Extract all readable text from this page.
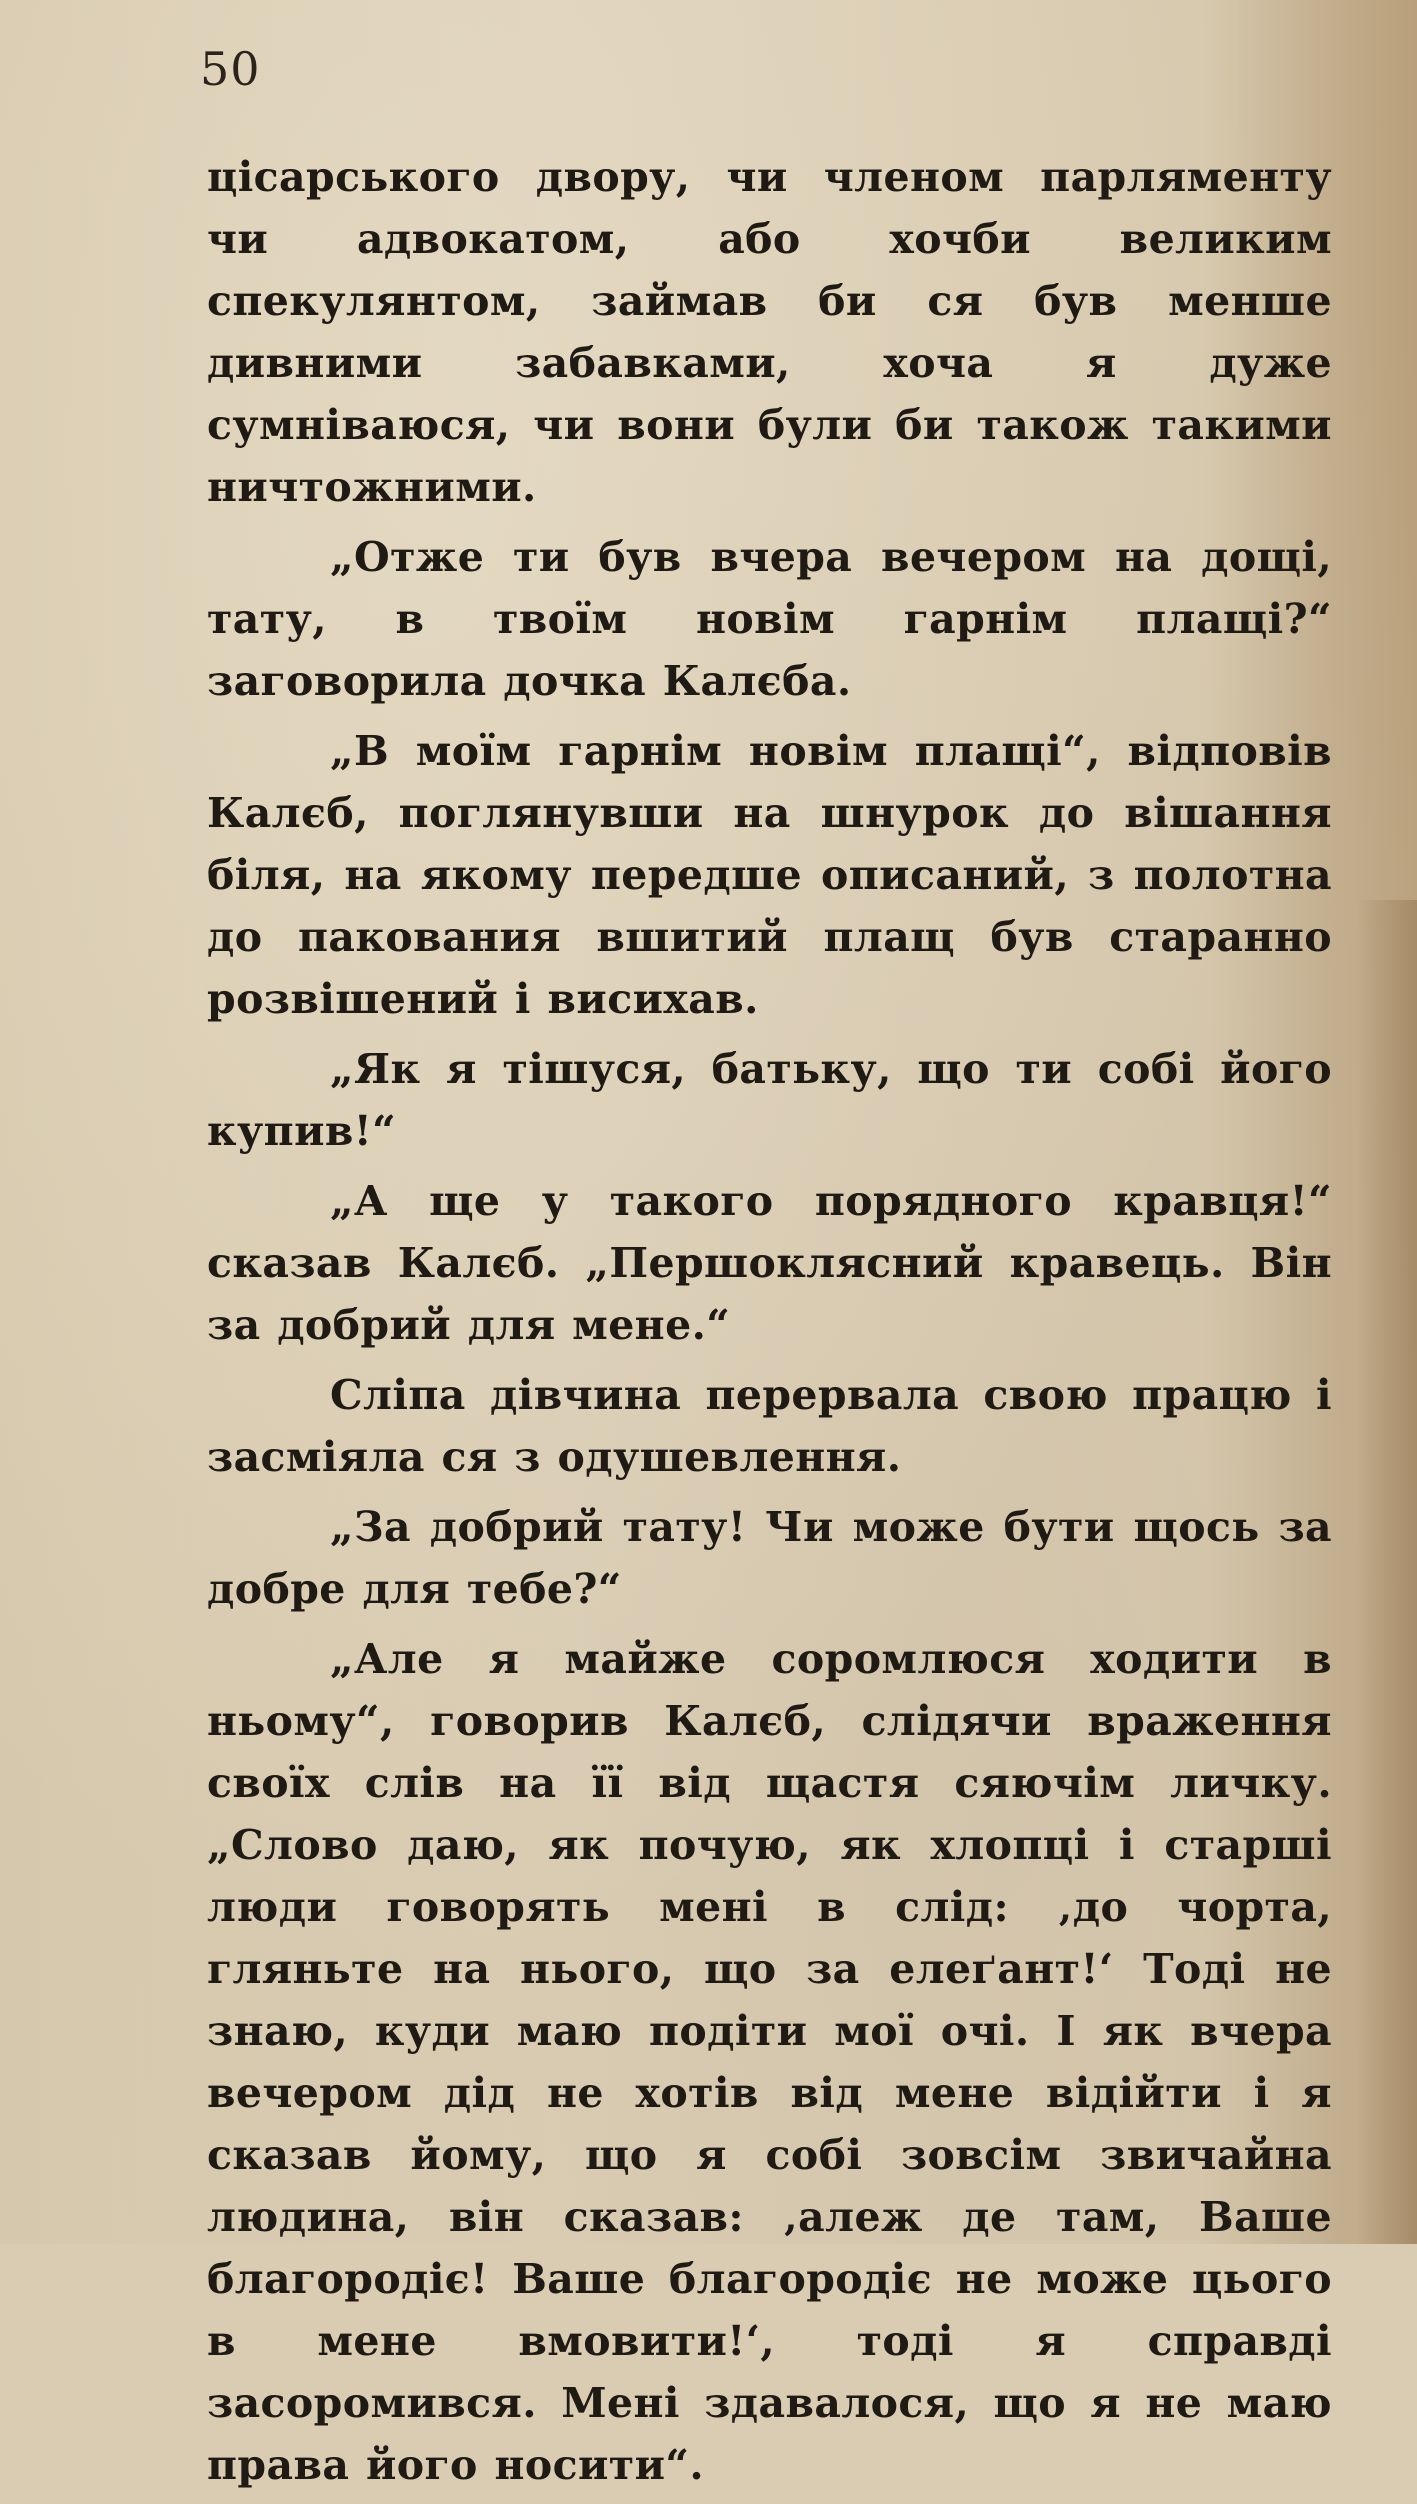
50

цісарського двору, чи членом парляменту чи адвокатом, або хочби великим спекулянтом, займав би ся був менше дивними забавками, хоча я дуже сумніваюся, чи вони були би також такими ничтожними.

„Отже ти був вчера вечером на дощі, тату, в твоїм новім гарнім плащі?“ заговорила дочка Калєба.

„В моїм гарнім новім плащі“, відповів Калєб, поглянувши на шнурок до вішання біля, на якому передше описаний, з полотна до пакования вшитий плащ був старанно розвішений і висихав.

„Як я тішуся, батьку, що ти собі його купив!“

„А ще у такого порядного кравця!“ сказав Калєб. „Першоклясний кравець. Він за добрий для мене.“

Сліпа дівчина перервала свою працю і засміяла ся з одушевлення.

„За добрий тату! Чи може бути щось за добре для тебе?“

„Але я майже соромлюся ходити в ньому“, говорив Калєб, слідячи враження своїх слів на її від щастя сяючім личку. „Слово даю, як почую, як хлопці і старші люди говорять мені в слід: ‚до чорта, гляньте на нього, що за елеґант!‘ Тоді не знаю, куди маю подіти мої очі. І як вчера вечером дід не хотів від мене відійти і я сказав йому, що я собі зовсім звичайна людина, він сказав: ‚алеж де там, Ваше благородіє! Ваше благородіє не може цього в мене вмовити!‘, тоді я справді засоромився. Мені здавалося, що я не маю права його носити“.
